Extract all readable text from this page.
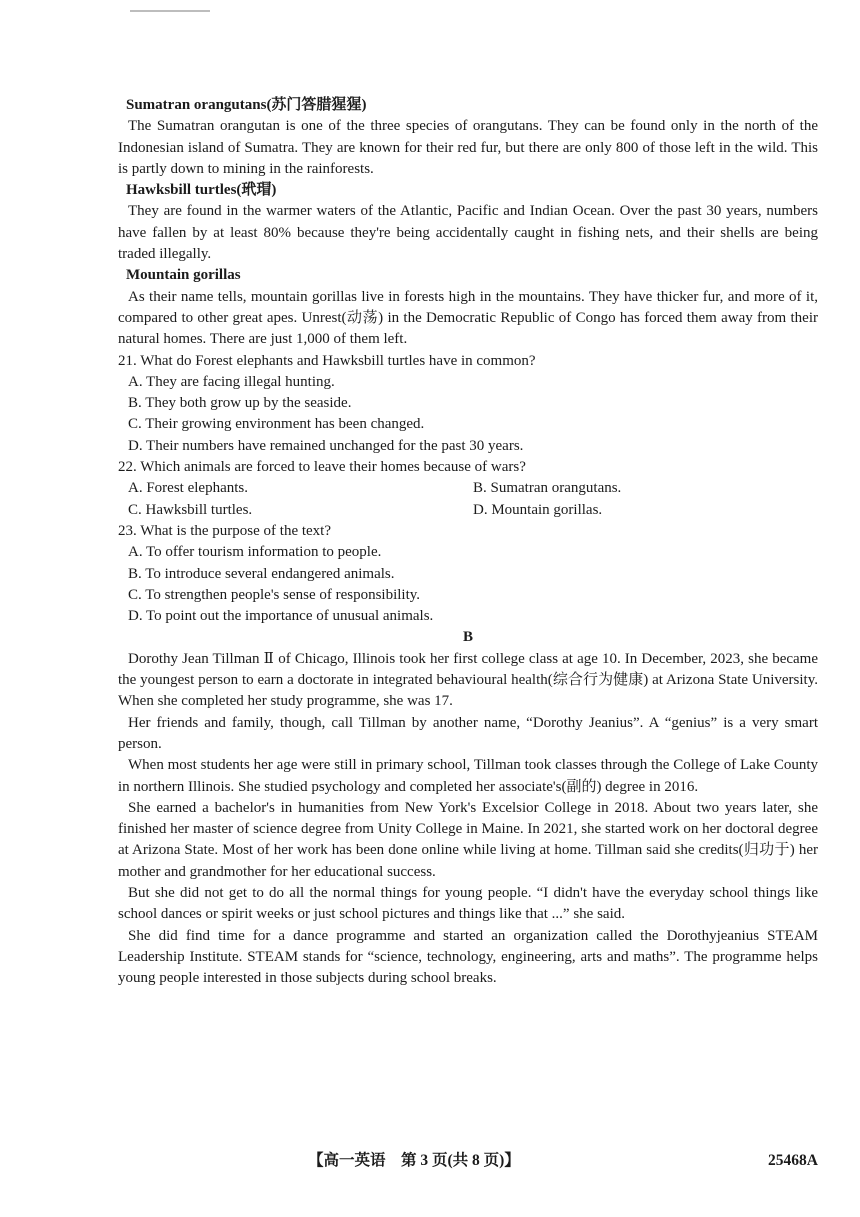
Sumatran orangutans(苏门答腊猩猩)

The Sumatran orangutan is one of the three species of orangutans. They can be found only in the north of the Indonesian island of Sumatra. They are known for their red fur, but there are only 800 of those left in the wild. This is partly down to mining in the rainforests.

Hawksbill turtles(玳瑁)

They are found in the warmer waters of the Atlantic, Pacific and Indian Ocean. Over the past 30 years, numbers have fallen by at least 80% because they're being accidentally caught in fishing nets, and their shells are being traded illegally.

Mountain gorillas

As their name tells, mountain gorillas live in forests high in the mountains. They have thicker fur, and more of it, compared to other great apes. Unrest(动荡) in the Democratic Republic of Congo has forced them away from their natural homes. There are just 1,000 of them left.

21. What do Forest elephants and Hawksbill turtles have in common?

A. They are facing illegal hunting.

B. They both grow up by the seaside.

C. Their growing environment has been changed.

D. Their numbers have remained unchanged for the past 30 years.

22. Which animals are forced to leave their homes because of wars?

A. Forest elephants.	B. Sumatran orangutans.
C. Hawksbill turtles.	D. Mountain gorillas.

23. What is the purpose of the text?

A. To offer tourism information to people.

B. To introduce several endangered animals.

C. To strengthen people's sense of responsibility.

D. To point out the importance of unusual animals.

B

Dorothy Jean Tillman Ⅱ of Chicago, Illinois took her first college class at age 10. In December, 2023, she became the youngest person to earn a doctorate in integrated behavioural health(综合行为健康) at Arizona State University. When she completed her study programme, she was 17.

Her friends and family, though, call Tillman by another name, “Dorothy Jeanius”. A “genius” is a very smart person.

When most students her age were still in primary school, Tillman took classes through the College of Lake County in northern Illinois. She studied psychology and completed her associate's(副的) degree in 2016.

She earned a bachelor's in humanities from New York's Excelsior College in 2018. About two years later, she finished her master of science degree from Unity College in Maine. In 2021, she started work on her doctoral degree at Arizona State. Most of her work has been done online while living at home. Tillman said she credits(归功于) her mother and grandmother for her educational success.

But she did not get to do all the normal things for young people. “I didn't have the everyday school things like school dances or spirit weeks or just school pictures and things like that ...” she said.

She did find time for a dance programme and started an organization called the Dorothyjeanius STEAM Leadership Institute. STEAM stands for “science, technology, engineering, arts and maths”. The programme helps young people interested in those subjects during school breaks.

【高一英语　第 3 页(共 8 页)】	25468A
